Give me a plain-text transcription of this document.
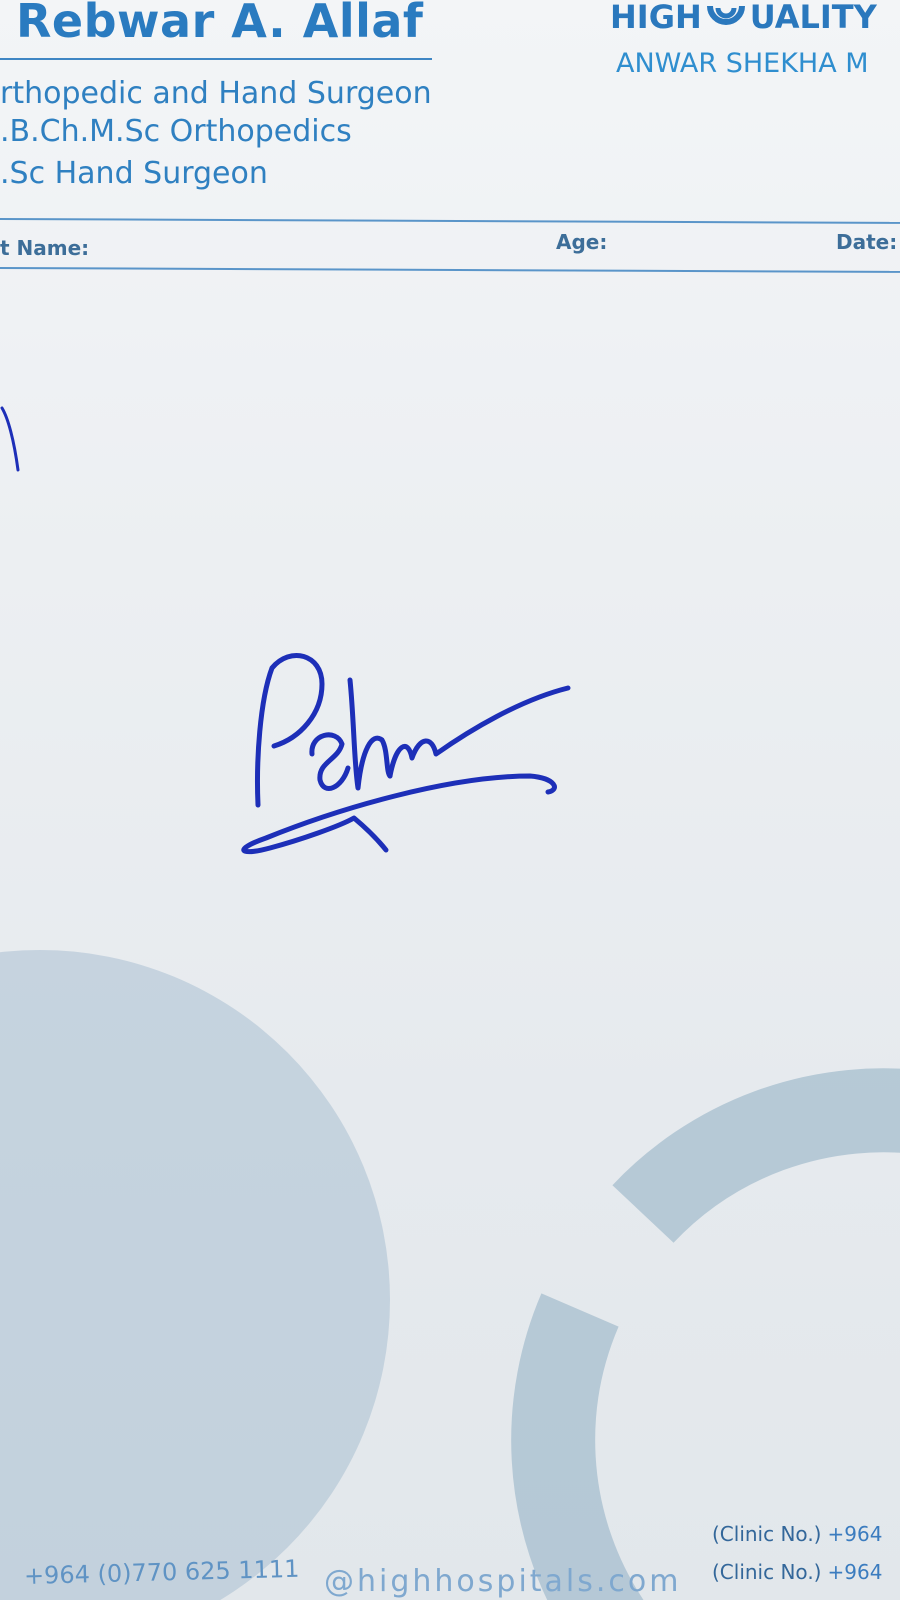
Rebwar A. Allaf

rthopedic and Hand Surgeon

.B.Ch.M.Sc Orthopedics

.Sc Hand Surgeon

HIGH UALITY

ANWAR SHEKHA M

t Name:	Age:	Date:

+964 (0)770 625 1111 @highhospitals.com

(Clinic No.) +964

(Clinic No.) +964
